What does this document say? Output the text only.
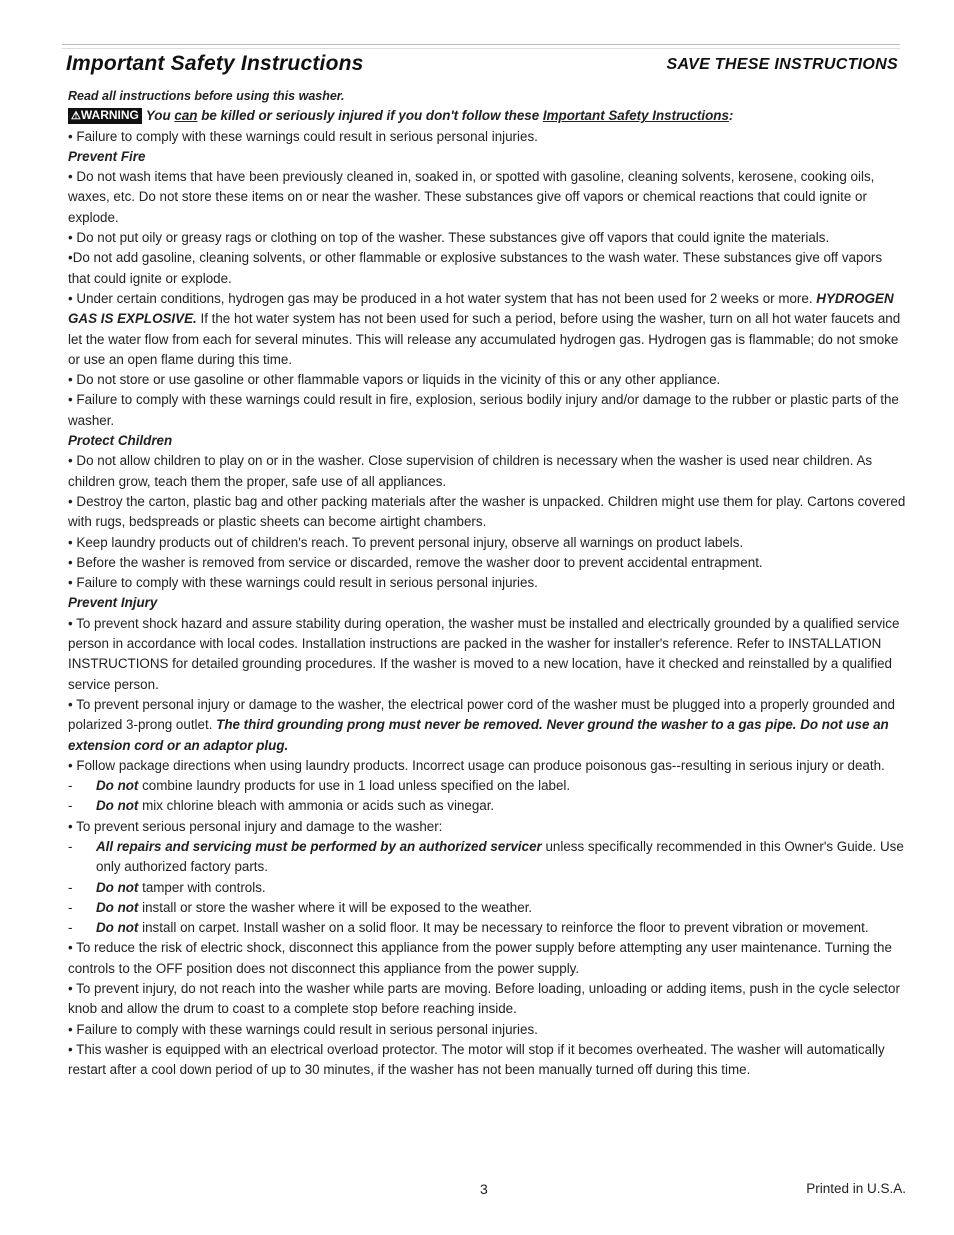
Important Safety Instructions	SAVE THESE INSTRUCTIONS

Read all instructions before using this washer.

⚠WARNING You can be killed or seriously injured if you don't follow these Important Safety Instructions:

• Failure to comply with these warnings could result in serious personal injuries.

Prevent Fire

• Do not wash items that have been previously cleaned in, soaked in, or spotted with gasoline, cleaning solvents, kerosene, cooking oils, waxes, etc. Do not store these items on or near the washer. These substances give off vapors or chemical reactions that could ignite or explode.

• Do not put oily or greasy rags or clothing on top of the washer. These substances give off vapors that could ignite the materials.

•Do not add gasoline, cleaning solvents, or other flammable or explosive substances to the wash water. These substances give off vapors that could ignite or explode.

• Under certain conditions, hydrogen gas may be produced in a hot water system that has not been used for 2 weeks or more. HYDROGEN GAS IS EXPLOSIVE. If the hot water system has not been used for such a period, before using the washer, turn on all hot water faucets and let the water flow from each for several minutes. This will release any accumulated hydrogen gas. Hydrogen gas is flammable; do not smoke or use an open flame during this time.

• Do not store or use gasoline or other flammable vapors or liquids in the vicinity of this or any other appliance.

• Failure to comply with these warnings could result in fire, explosion, serious bodily injury and/or damage to the rubber or plastic parts of the washer.

Protect Children

• Do not allow children to play on or in the washer. Close supervision of children is necessary when the washer is used near children. As children grow, teach them the proper, safe use of all appliances.

• Destroy the carton, plastic bag and other packing materials after the washer is unpacked. Children might use them for play. Cartons covered with rugs, bedspreads or plastic sheets can become airtight chambers.

• Keep laundry products out of children's reach. To prevent personal injury, observe all warnings on product labels.

• Before the washer is removed from service or discarded, remove the washer door to prevent accidental entrapment.

• Failure to comply with these warnings could result in serious personal injuries.

Prevent Injury

• To prevent shock hazard and assure stability during operation, the washer must be installed and electrically grounded by a qualified service person in accordance with local codes. Installation instructions are packed in the washer for installer's reference. Refer to INSTALLATION INSTRUCTIONS for detailed grounding procedures. If the washer is moved to a new location, have it checked and reinstalled by a qualified service person.

• To prevent personal injury or damage to the washer, the electrical power cord of the washer must be plugged into a properly grounded and polarized 3-prong outlet. The third grounding prong must never be removed. Never ground the washer to a gas pipe. Do not use an extension cord or an adaptor plug.

• Follow package directions when using laundry products. Incorrect usage can produce poisonous gas--resulting in serious injury or death.

- Do not combine laundry products for use in 1 load unless specified on the label.

- Do not mix chlorine bleach with ammonia or acids such as vinegar.

• To prevent serious personal injury and damage to the washer:

- All repairs and servicing must be performed by an authorized servicer unless specifically recommended in this Owner's Guide. Use only authorized factory parts.

- Do not tamper with controls.

- Do not install or store the washer where it will be exposed to the weather.

- Do not install on carpet. Install washer on a solid floor. It may be necessary to reinforce the floor to prevent vibration or movement.

• To reduce the risk of electric shock, disconnect this appliance from the power supply before attempting any user maintenance. Turning the controls to the OFF position does not disconnect this appliance from the power supply.

• To prevent injury, do not reach into the washer while parts are moving. Before loading, unloading or adding items, push in the cycle selector knob and allow the drum to coast to a complete stop before reaching inside.

• Failure to comply with these warnings could result in serious personal injuries.

• This washer is equipped with an electrical overload protector. The motor will stop if it becomes overheated. The washer will automatically restart after a cool down period of up to 30 minutes, if the washer has not been manually turned off during this time.

3	Printed in U.S.A.
